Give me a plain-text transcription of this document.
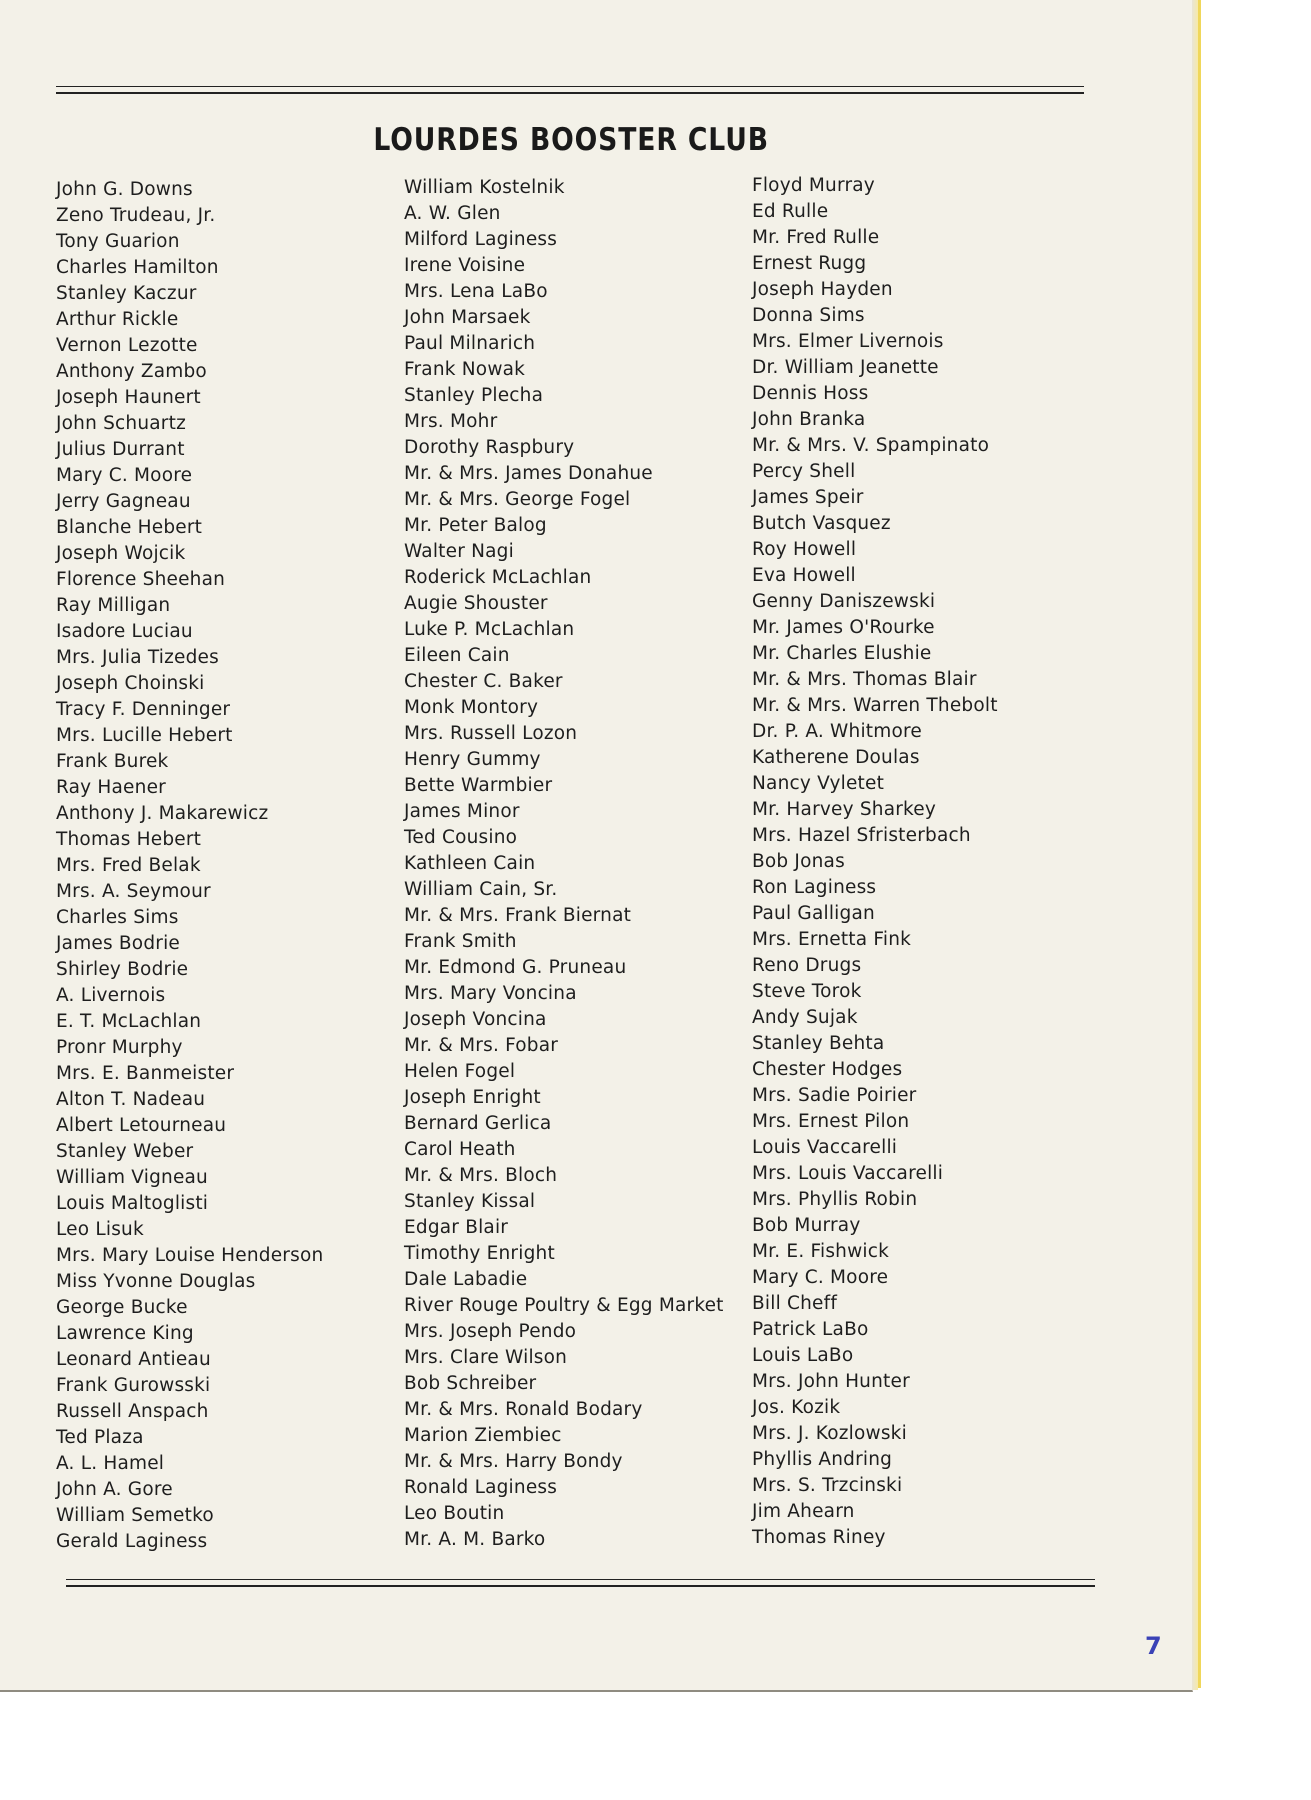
LOURDES BOOSTER CLUB
John G. Downs
Zeno Trudeau, Jr.
Tony Guarion
Charles Hamilton
Stanley Kaczur
Arthur Rickle
Vernon Lezotte
Anthony Zambo
Joseph Haunert
John Schuartz
Julius Durrant
Mary C. Moore
Jerry Gagneau
Blanche Hebert
Joseph Wojcik
Florence Sheehan
Ray Milligan
Isadore Luciau
Mrs. Julia Tizedes
Joseph Choinski
Tracy F. Denninger
Mrs. Lucille Hebert
Frank Burek
Ray Haener
Anthony J. Makarewicz
Thomas Hebert
Mrs. Fred Belak
Mrs. A. Seymour
Charles Sims
James Bodrie
Shirley Bodrie
A. Livernois
E. T. McLachlan
Pronr Murphy
Mrs. E. Banmeister
Alton T. Nadeau
Albert Letourneau
Stanley Weber
William Vigneau
Louis Maltoglisti
Leo Lisuk
Mrs. Mary Louise Henderson
Miss Yvonne Douglas
George Bucke
Lawrence King
Leonard Antieau
Frank Gurowsski
Russell Anspach
Ted Plaza
A. L. Hamel
John A. Gore
William Semetko
Gerald Laginess
William Kostelnik
A. W. Glen
Milford Laginess
Irene Voisine
Mrs. Lena LaBo
John Marsaek
Paul Milnarich
Frank Nowak
Stanley Plecha
Mrs. Mohr
Dorothy Raspbury
Mr. & Mrs. James Donahue
Mr. & Mrs. George Fogel
Mr. Peter Balog
Walter Nagi
Roderick McLachlan
Augie Shouster
Luke P. McLachlan
Eileen Cain
Chester C. Baker
Monk Montory
Mrs. Russell Lozon
Henry Gummy
Bette Warmbier
James Minor
Ted Cousino
Kathleen Cain
William Cain, Sr.
Mr. & Mrs. Frank Biernat
Frank Smith
Mr. Edmond G. Pruneau
Mrs. Mary Voncina
Joseph Voncina
Mr. & Mrs. Fobar
Helen Fogel
Joseph Enright
Bernard Gerlica
Carol Heath
Mr. & Mrs. Bloch
Stanley Kissal
Edgar Blair
Timothy Enright
Dale Labadie
River Rouge Poultry & Egg Market
Mrs. Joseph Pendo
Mrs. Clare Wilson
Bob Schreiber
Mr. & Mrs. Ronald Bodary
Marion Ziembiec
Mr. & Mrs. Harry Bondy
Ronald Laginess
Leo Boutin
Mr. A. M. Barko
Floyd Murray
Ed Rulle
Mr. Fred Rulle
Ernest Rugg
Joseph Hayden
Donna Sims
Mrs. Elmer Livernois
Dr. William Jeanette
Dennis Hoss
John Branka
Mr. & Mrs. V. Spampinato
Percy Shell
James Speir
Butch Vasquez
Roy Howell
Eva Howell
Genny Daniszewski
Mr. James O'Rourke
Mr. Charles Elushie
Mr. & Mrs. Thomas Blair
Mr. & Mrs. Warren Thebolt
Dr. P. A. Whitmore
Katherene Doulas
Nancy Vyletet
Mr. Harvey Sharkey
Mrs. Hazel Sfristerbach
Bob Jonas
Ron Laginess
Paul Galligan
Mrs. Ernetta Fink
Reno Drugs
Steve Torok
Andy Sujak
Stanley Behta
Chester Hodges
Mrs. Sadie Poirier
Mrs. Ernest Pilon
Louis Vaccarelli
Mrs. Louis Vaccarelli
Mrs. Phyllis Robin
Bob Murray
Mr. E. Fishwick
Mary C. Moore
Bill Cheff
Patrick LaBo
Louis LaBo
Mrs. John Hunter
Jos. Kozik
Mrs. J. Kozlowski
Phyllis Andring
Mrs. S. Trzcinski
Jim Ahearn
Thomas Riney
7
